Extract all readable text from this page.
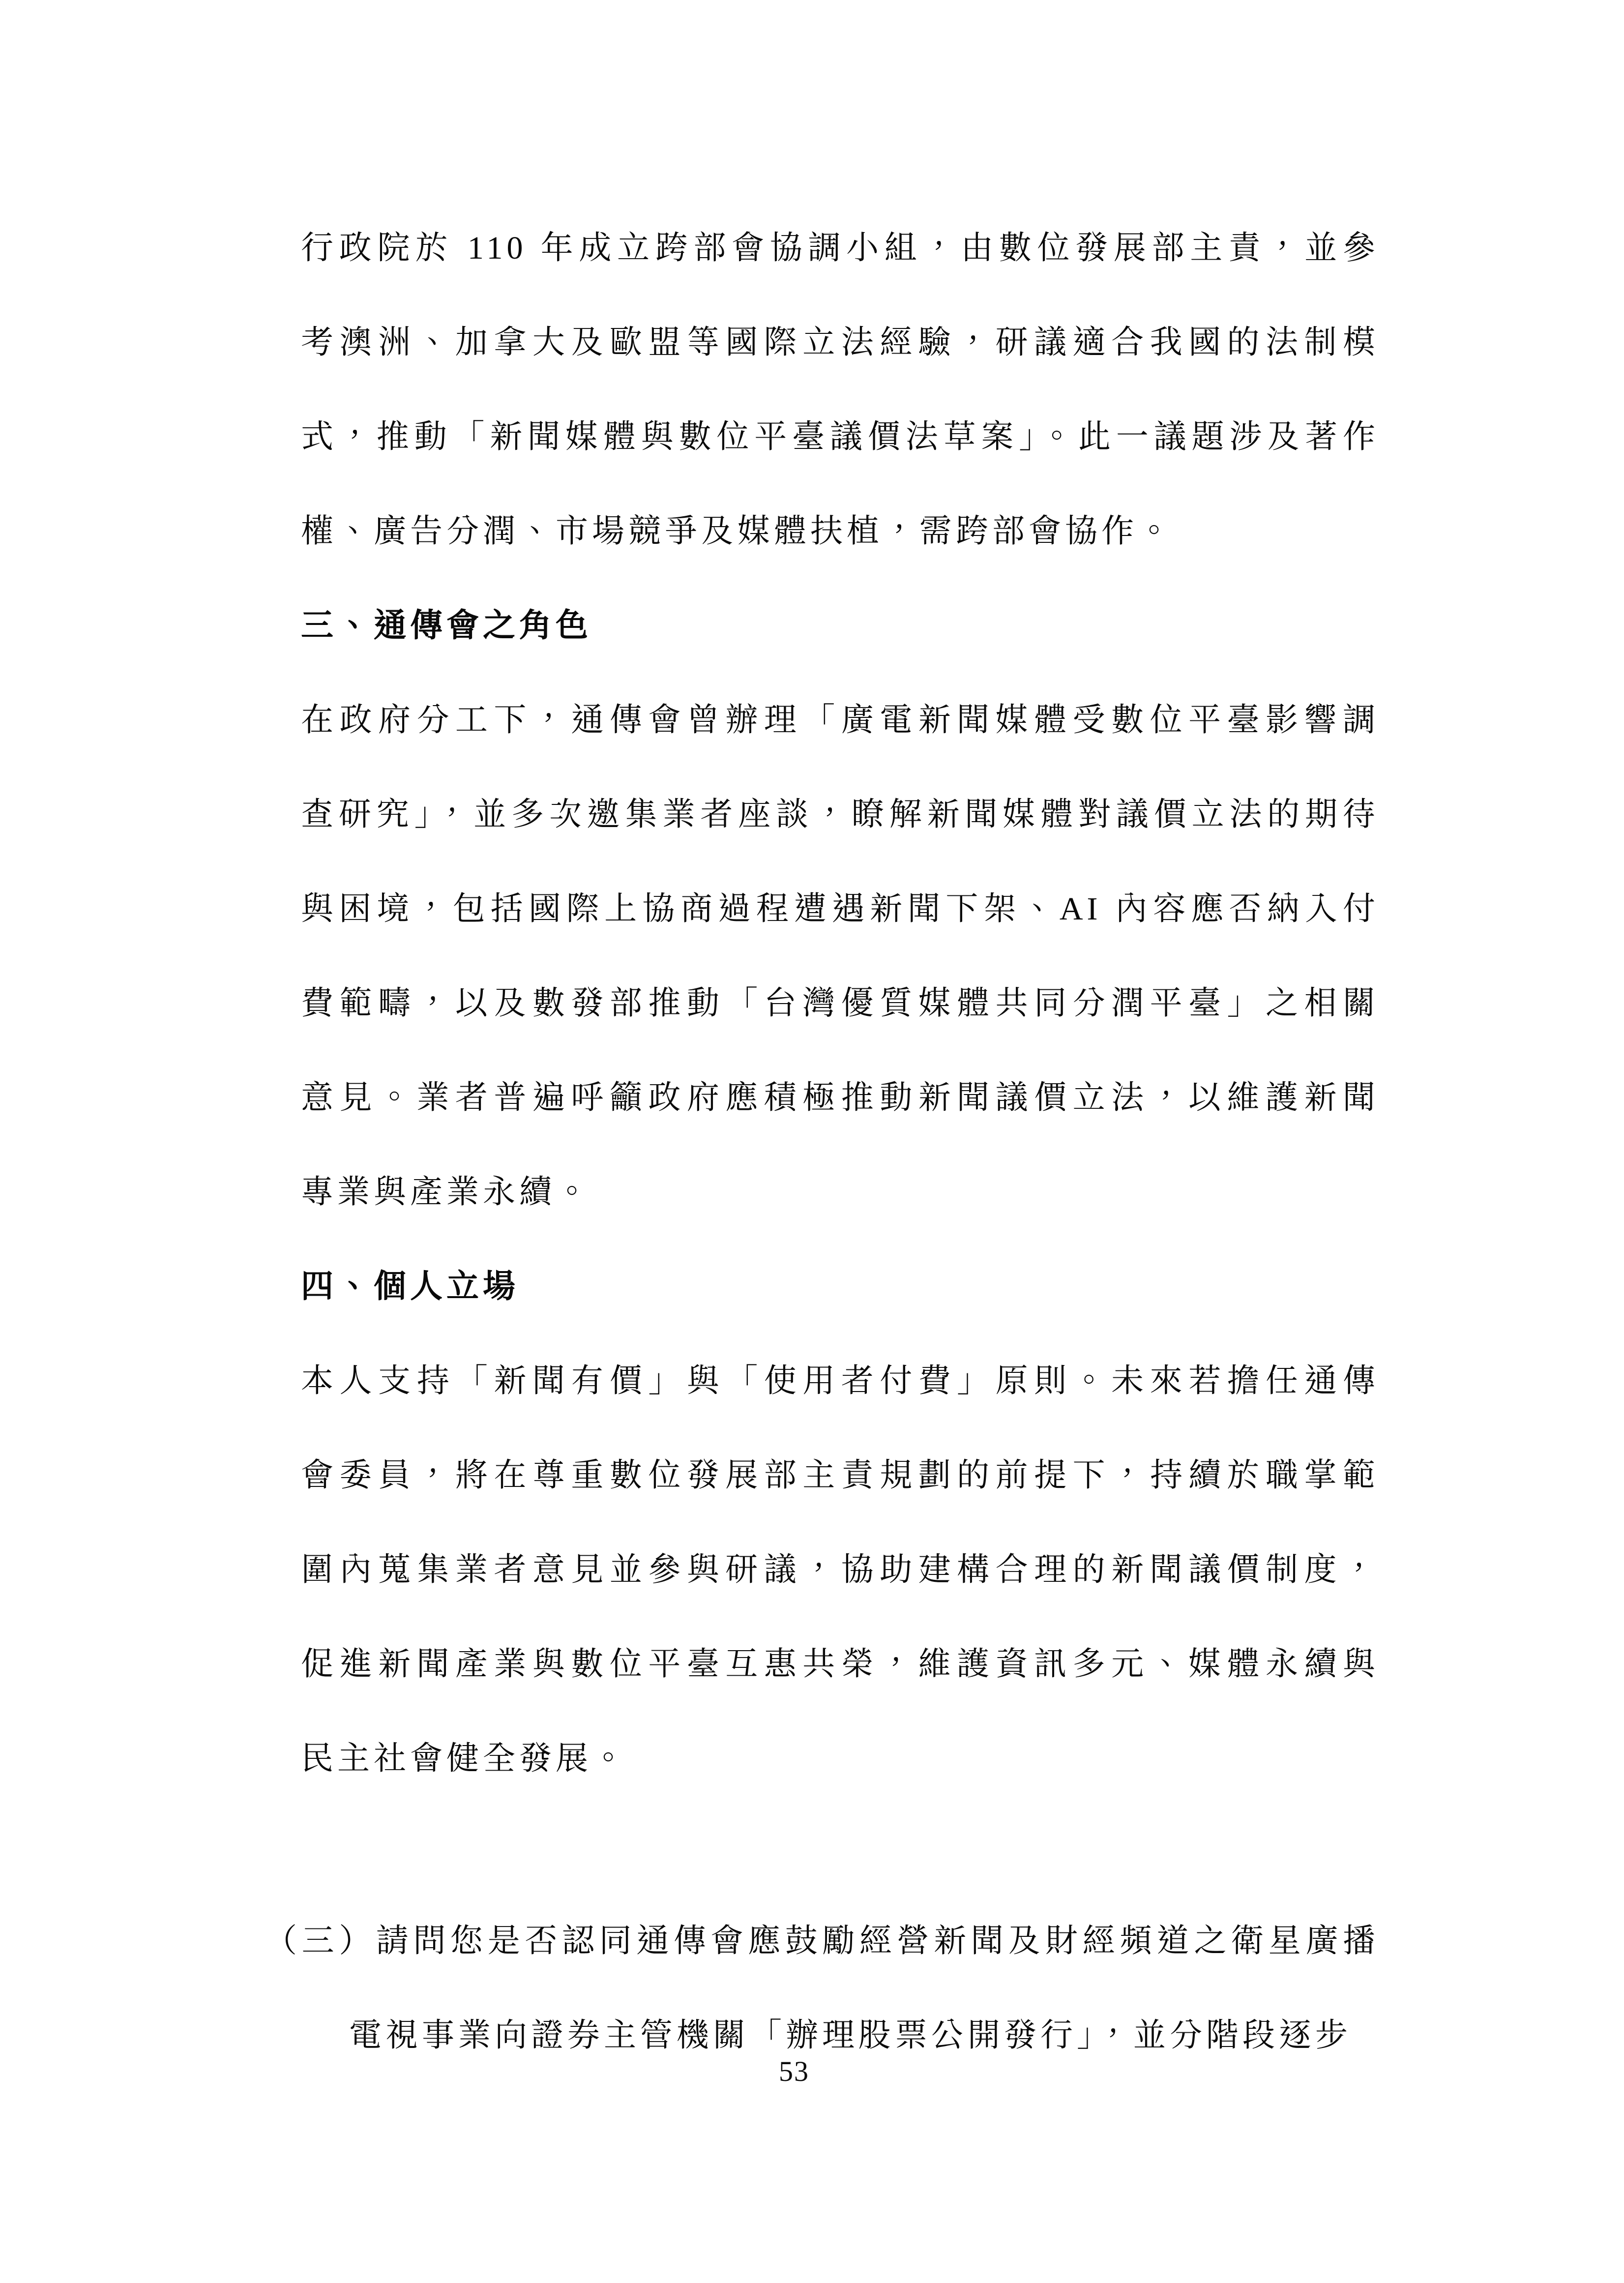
行政院於 110 年成立跨部會協調小組，由數位發展部主責，並參
考澳洲、加拿大及歐盟等國際立法經驗，研議適合我國的法制模
式，推動「新聞媒體與數位平臺議價法草案」。此一議題涉及著作
權、廣告分潤、市場競爭及媒體扶植，需跨部會協作。
三、通傳會之角色
在政府分工下，通傳會曾辦理「廣電新聞媒體受數位平臺影響調
查研究」，並多次邀集業者座談，瞭解新聞媒體對議價立法的期待
與困境，包括國際上協商過程遭遇新聞下架、AI 內容應否納入付
費範疇，以及數發部推動「台灣優質媒體共同分潤平臺」之相關
意見。業者普遍呼籲政府應積極推動新聞議價立法，以維護新聞
專業與產業永續。
四、個人立場
本人支持「新聞有價」與「使用者付費」原則。未來若擔任通傳
會委員，將在尊重數位發展部主責規劃的前提下，持續於職掌範
圍內蒐集業者意見並參與研議，協助建構合理的新聞議價制度，
促進新聞產業與數位平臺互惠共榮，維護資訊多元、媒體永續與
民主社會健全發展。
（三）請問您是否認同通傳會應鼓勵經營新聞及財經頻道之衛星廣播
電視事業向證券主管機關「辦理股票公開發行」，並分階段逐步
53
